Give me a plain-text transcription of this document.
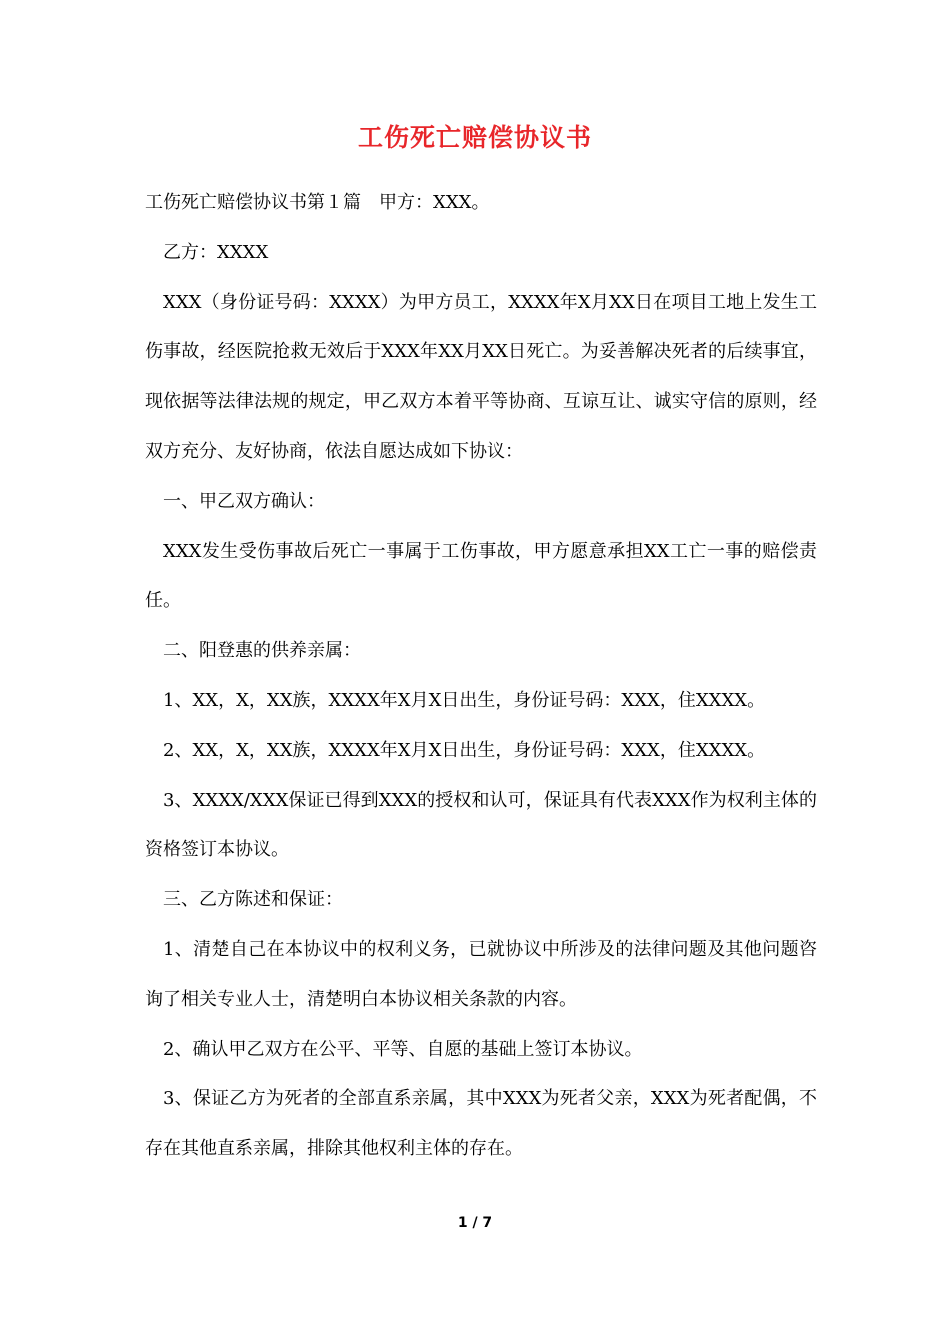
工伤死亡赔偿协议书

工伤死亡赔偿协议书第１篇　甲方：XXX。

乙方：XXXX

XXX（身份证号码：XXXX）为甲方员工，XXXX年X月XX日在项目工地上发生工伤事故，经医院抢救无效后于XXX年XX月XX日死亡。为妥善解决死者的后续事宜，现依据等法律法规的规定，甲乙双方本着平等协商、互谅互让、诚实守信的原则，经双方充分、友好协商，依法自愿达成如下协议：

一、甲乙双方确认：

XXX发生受伤事故后死亡一事属于工伤事故，甲方愿意承担XX工亡一事的赔偿责任。

二、阳登惠的供养亲属：

1、XX，X，XX族，XXXX年X月X日出生，身份证号码：XXX，住XXXX。

2、XX，X，XX族，XXXX年X月X日出生，身份证号码：XXX，住XXXX。

3、XXXX/XXX保证已得到XXX的授权和认可，保证具有代表XXX作为权利主体的资格签订本协议。

三、乙方陈述和保证：

1、清楚自己在本协议中的权利义务，已就协议中所涉及的法律问题及其他问题咨询了相关专业人士，清楚明白本协议相关条款的内容。

2、确认甲乙双方在公平、平等、自愿的基础上签订本协议。

3、保证乙方为死者的全部直系亲属，其中XXX为死者父亲，XXX为死者配偶，不存在其他直系亲属，排除其他权利主体的存在。

1 / 7
